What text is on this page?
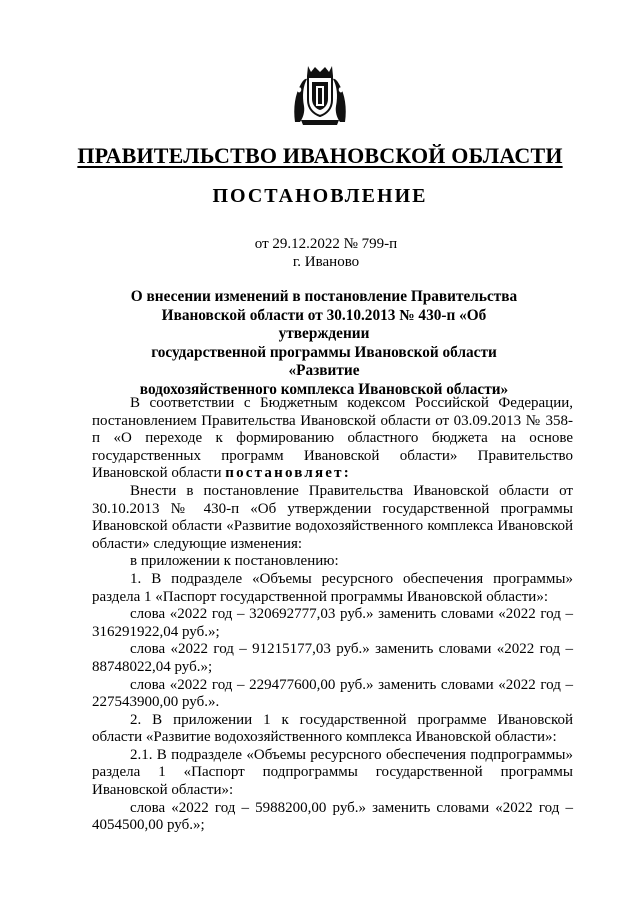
ПРАВИТЕЛЬСТВО ИВАНОВСКОЙ ОБЛАСТИ
ПОСТАНОВЛЕНИЕ
от 29.12.2022 № 799-п
г. Иваново
О внесении изменений в постановление Правительства
Ивановской области от 30.10.2013 № 430-п «Об утверждении
государственной программы Ивановской области «Развитие
водохозяйственного комплекса Ивановской области»

В соответствии с Бюджетным кодексом Российской Федерации, постановлением Правительства Ивановской области от 03.09.2013 № 358-п «О переходе к формированию областного бюджета на основе государственных программ Ивановской области» Правительство Ивановской области постановляет:

Внести в постановление Правительства Ивановской области от 30.10.2013 № 430-п «Об утверждении государственной программы Ивановской области «Развитие водохозяйственного комплекса Ивановской области» следующие изменения:

в приложении к постановлению:

1. В подразделе «Объемы ресурсного обеспечения программы» раздела 1 «Паспорт государственной программы Ивановской области»:

слова «2022 год – 320692777,03 руб.» заменить словами «2022 год – 316291922,04 руб.»;

слова «2022 год – 91215177,03 руб.» заменить словами «2022 год – 88748022,04 руб.»;

слова «2022 год – 229477600,00 руб.» заменить словами «2022 год – 227543900,00 руб.».

2. В приложении 1 к государственной программе Ивановской области «Развитие водохозяйственного комплекса Ивановской области»:

2.1. В подразделе «Объемы ресурсного обеспечения подпрограммы» раздела 1 «Паспорт подпрограммы государственной программы Ивановской области»:

слова «2022 год – 5988200,00 руб.» заменить словами «2022 год – 4054500,00 руб.»;
